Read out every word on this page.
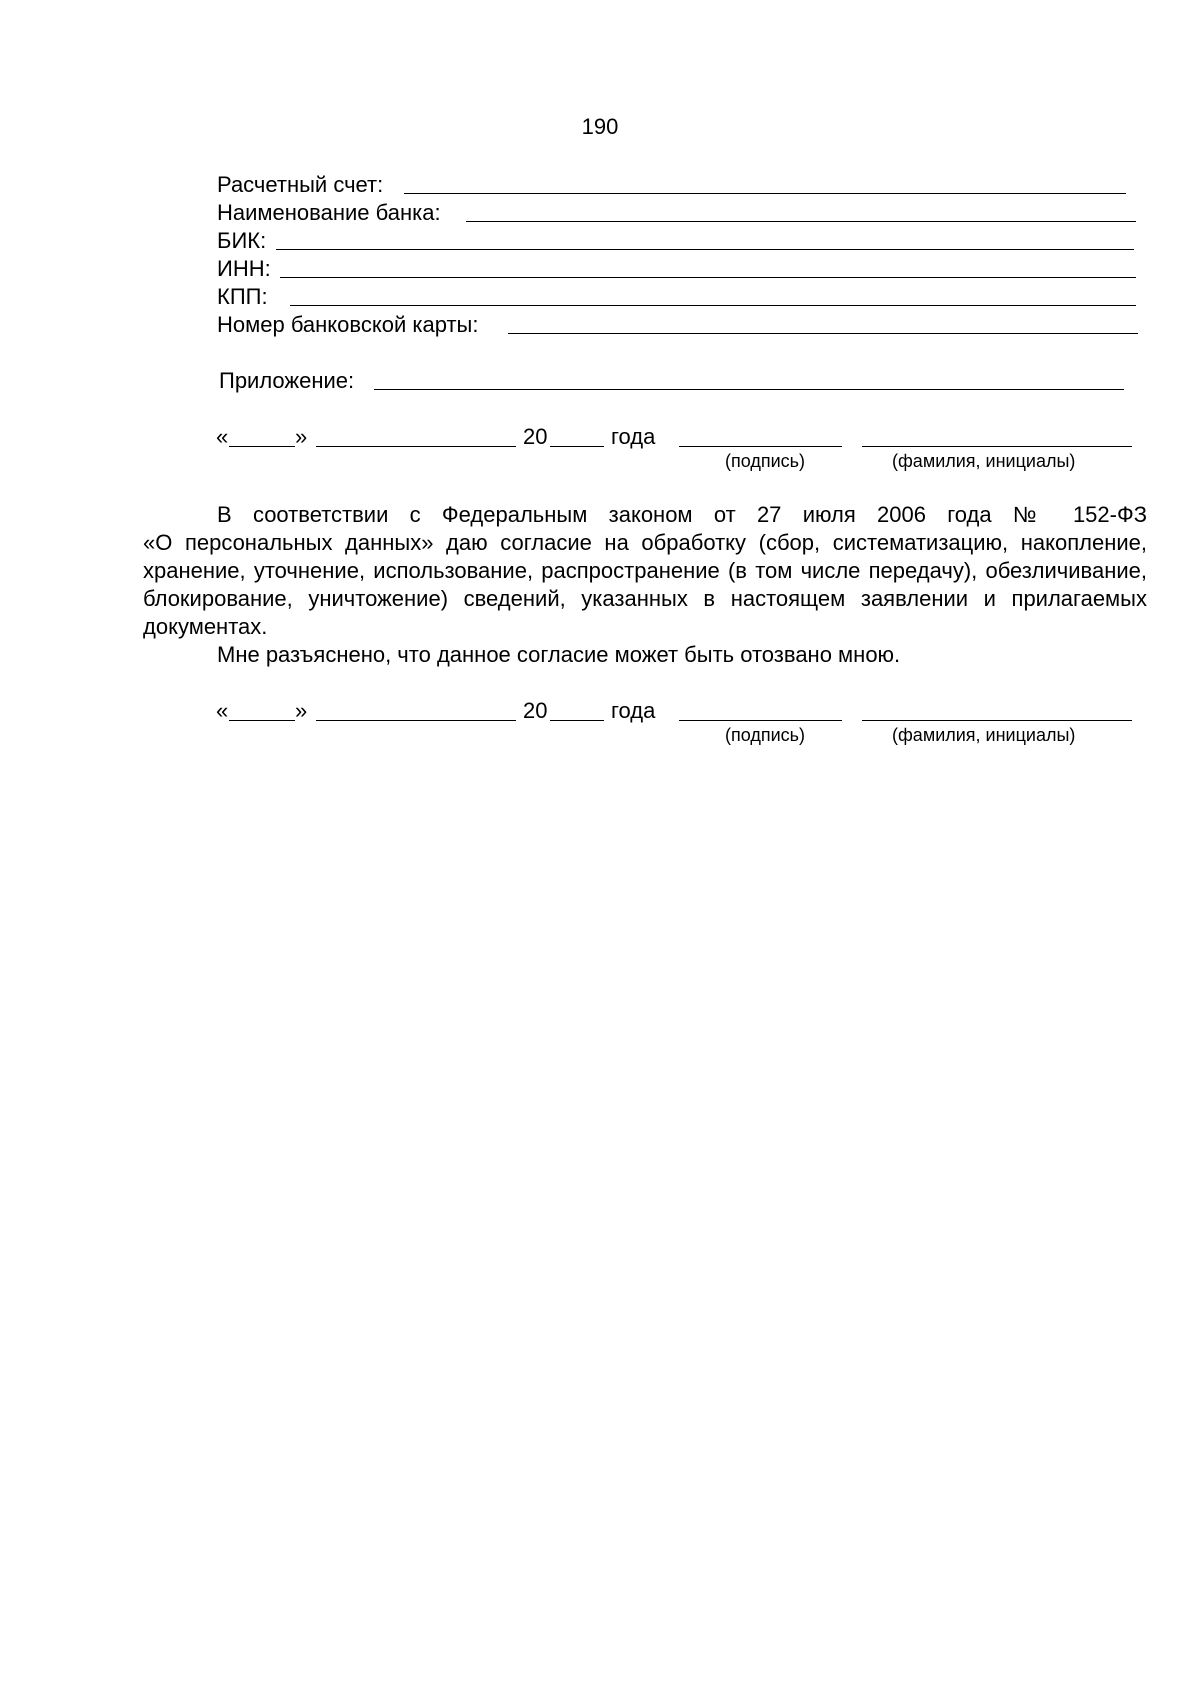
190
Расчетный счет:
Наименование банка:
БИК:
ИНН:
КПП:
Номер банковской карты:
Приложение:
«	»	20	года
(подпись)	(фамилия, инициалы)

В соответствии с Федеральным законом от 27 июля 2006 года № 152-ФЗ
«О персональных данных» даю согласие на обработку (сбор, систематизацию, накопление, хранение, уточнение, использование, распространение (в том числе передачу), обезличивание, блокирование, уничтожение) сведений, указанных в настоящем заявлении и прилагаемых документах.

Мне разъяснено, что данное согласие может быть отозвано мною.
«	»	20	года
(подпись)	(фамилия, инициалы)
